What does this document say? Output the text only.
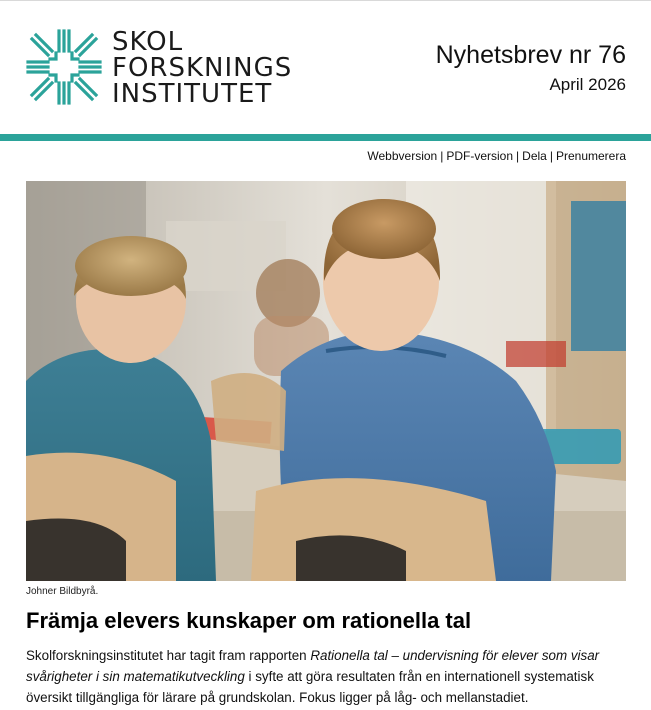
SKOL
FORSKNINGS
INSTITUTET
Nyhetsbrev nr 76
April 2026
Webbversion | PDF-version | Dela | Prenumerera
Johner Bildbyrå.
Främja elevers kunskaper om rationella tal

Skolforskningsinstitutet har tagit fram rapporten Rationella tal – undervisning för elever som visar svårigheter i sin matematikutveckling i syfte att göra resultaten från en internationell systematisk översikt tillgängliga för lärare på grundskolan. Fokus ligger på låg- och mellanstadiet.
